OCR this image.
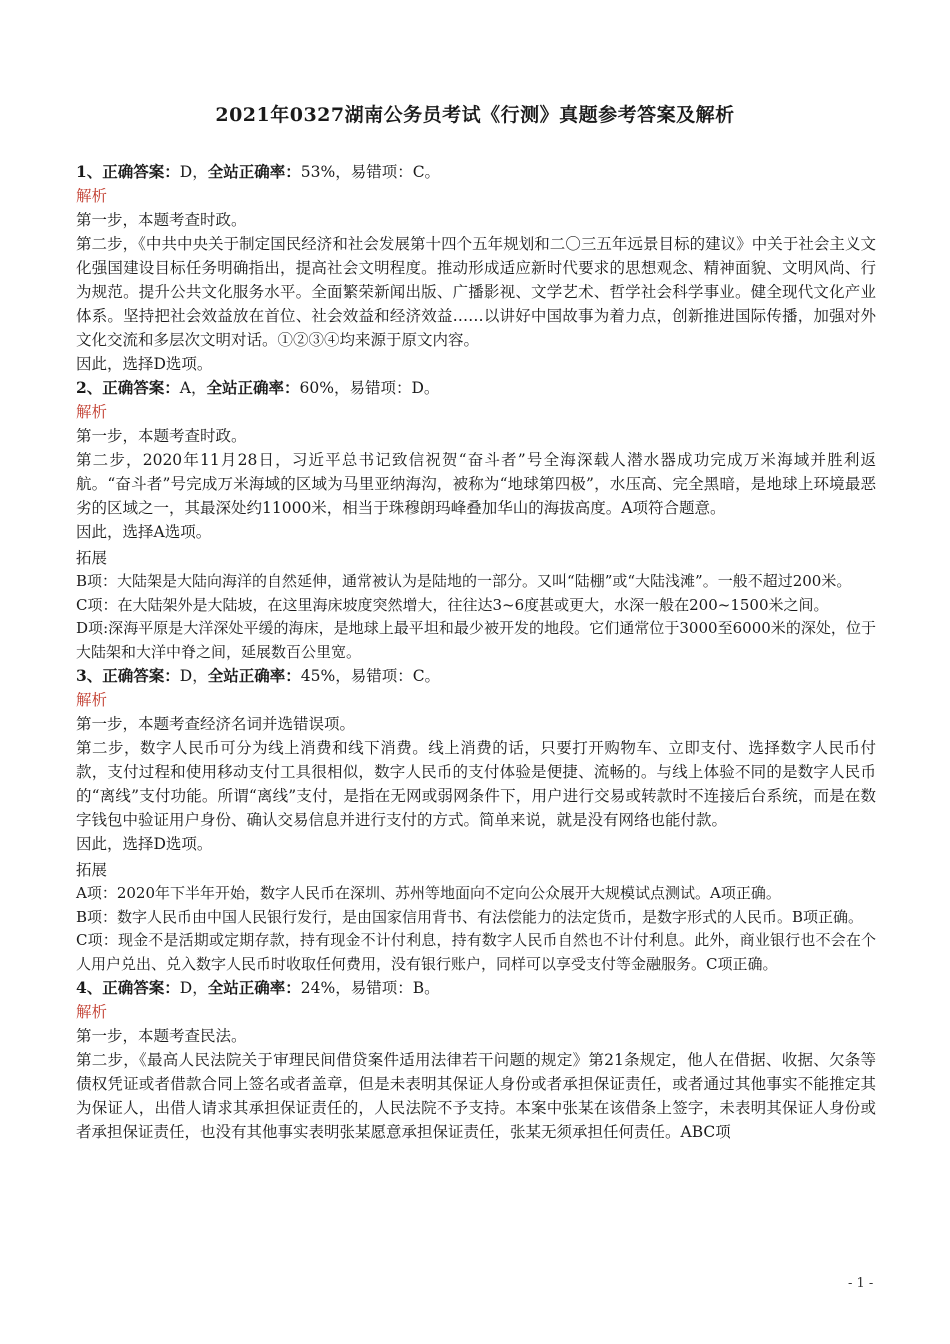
2021年0327湖南公务员考试《行测》真题参考答案及解析

1、正确答案：D，全站正确率：53%，易错项：C。

解析

第一步，本题考查时政。

第二步，《中共中央关于制定国民经济和社会发展第十四个五年规划和二〇三五年远景目标的建议》中关于社会主义文化强国建设目标任务明确指出，提高社会文明程度。推动形成适应新时代要求的思想观念、精神面貌、文明风尚、行为规范。提升公共文化服务水平。全面繁荣新闻出版、广播影视、文学艺术、哲学社会科学事业。健全现代文化产业体系。坚持把社会效益放在首位、社会效益和经济效益……以讲好中国故事为着力点，创新推进国际传播，加强对外文化交流和多层次文明对话。①②③④均来源于原文内容。

因此，选择D选项。

2、正确答案：A，全站正确率：60%，易错项：D。

解析

第一步，本题考查时政。

第二步，2020年11月28日，习近平总书记致信祝贺“奋斗者”号全海深载人潜水器成功完成万米海域并胜利返航。“奋斗者”号完成万米海域的区域为马里亚纳海沟，被称为“地球第四极”，水压高、完全黑暗，是地球上环境最恶劣的区域之一，其最深处约11000米，相当于珠穆朗玛峰叠加华山的海拔高度。A项符合题意。

因此，选择A选项。

拓展

B项：大陆架是大陆向海洋的自然延伸，通常被认为是陆地的一部分。又叫“陆棚”或“大陆浅滩”。一般不超过200米。

C项：在大陆架外是大陆坡，在这里海床坡度突然增大，往往达3~6度甚或更大，水深一般在200~1500米之间。

D项:深海平原是大洋深处平缓的海床，是地球上最平坦和最少被开发的地段。它们通常位于3000至6000米的深处，位于大陆架和大洋中脊之间，延展数百公里宽。

3、正确答案：D，全站正确率：45%，易错项：C。

解析

第一步，本题考查经济名词并选错误项。

第二步，数字人民币可分为线上消费和线下消费。线上消费的话，只要打开购物车、立即支付、选择数字人民币付款，支付过程和使用移动支付工具很相似，数字人民币的支付体验是便捷、流畅的。与线上体验不同的是数字人民币的“离线”支付功能。所谓“离线”支付，是指在无网或弱网条件下，用户进行交易或转款时不连接后台系统，而是在数字钱包中验证用户身份、确认交易信息并进行支付的方式。简单来说，就是没有网络也能付款。

因此，选择D选项。

拓展

A项：2020年下半年开始，数字人民币在深圳、苏州等地面向不定向公众展开大规模试点测试。A项正确。

B项：数字人民币由中国人民银行发行，是由国家信用背书、有法偿能力的法定货币，是数字形式的人民币。B项正确。

C项：现金不是活期或定期存款，持有现金不计付利息，持有数字人民币自然也不计付利息。此外，商业银行也不会在个人用户兑出、兑入数字人民币时收取任何费用，没有银行账户，同样可以享受支付等金融服务。C项正确。

4、正确答案：D，全站正确率：24%，易错项：B。

解析

第一步，本题考查民法。

第二步，《最高人民法院关于审理民间借贷案件适用法律若干问题的规定》第21条规定，他人在借据、收据、欠条等债权凭证或者借款合同上签名或者盖章，但是未表明其保证人身份或者承担保证责任，或者通过其他事实不能推定其为保证人，出借人请求其承担保证责任的，人民法院不予支持。本案中张某在该借条上签字，未表明其保证人身份或者承担保证责任，也没有其他事实表明张某愿意承担保证责任，张某无须承担任何责任。ABC项

- 1 -
